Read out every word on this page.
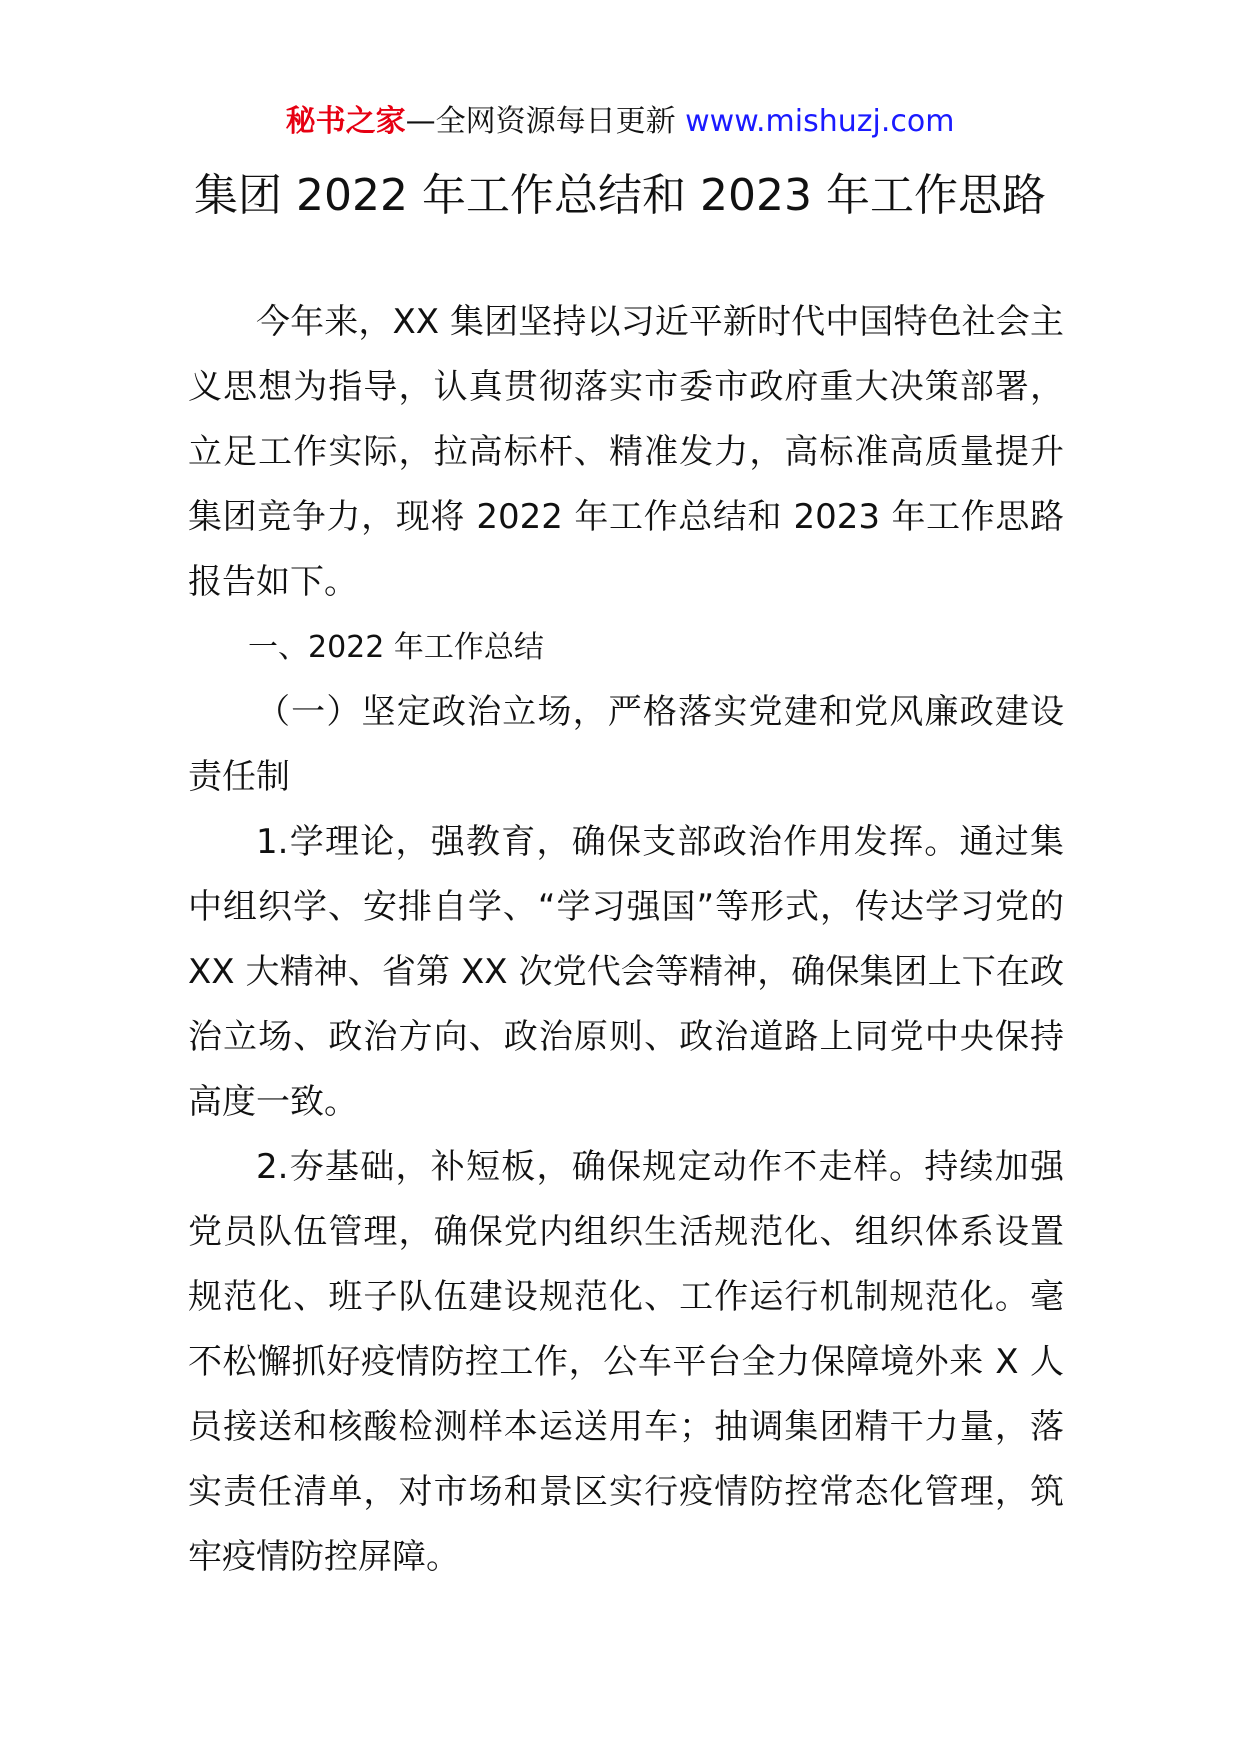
秘书之家—全网资源每日更新 www.mishuzj.com
集团 2022 年工作总结和 2023 年工作思路

今年来，XX 集团坚持以习近平新时代中国特色社会主义思想为指导，认真贯彻落实市委市政府重大决策部署，立足工作实际，拉高标杆、精准发力，高标准高质量提升集团竞争力，现将 2022 年工作总结和 2023 年工作思路报告如下。

一、2022 年工作总结

（一）坚定政治立场，严格落实党建和党风廉政建设责任制

1.学理论，强教育，确保支部政治作用发挥。通过集中组织学、安排自学、“学习强国”等形式，传达学习党的 XX 大精神、省第 XX 次党代会等精神，确保集团上下在政治立场、政治方向、政治原则、政治道路上同党中央保持高度一致。

2.夯基础，补短板，确保规定动作不走样。持续加强党员队伍管理，确保党内组织生活规范化、组织体系设置规范化、班子队伍建设规范化、工作运行机制规范化。毫不松懈抓好疫情防控工作，公车平台全力保障境外来 X 人员接送和核酸检测样本运送用车；抽调集团精干力量，落实责任清单，对市场和景区实行疫情防控常态化管理，筑牢疫情防控屏障。
